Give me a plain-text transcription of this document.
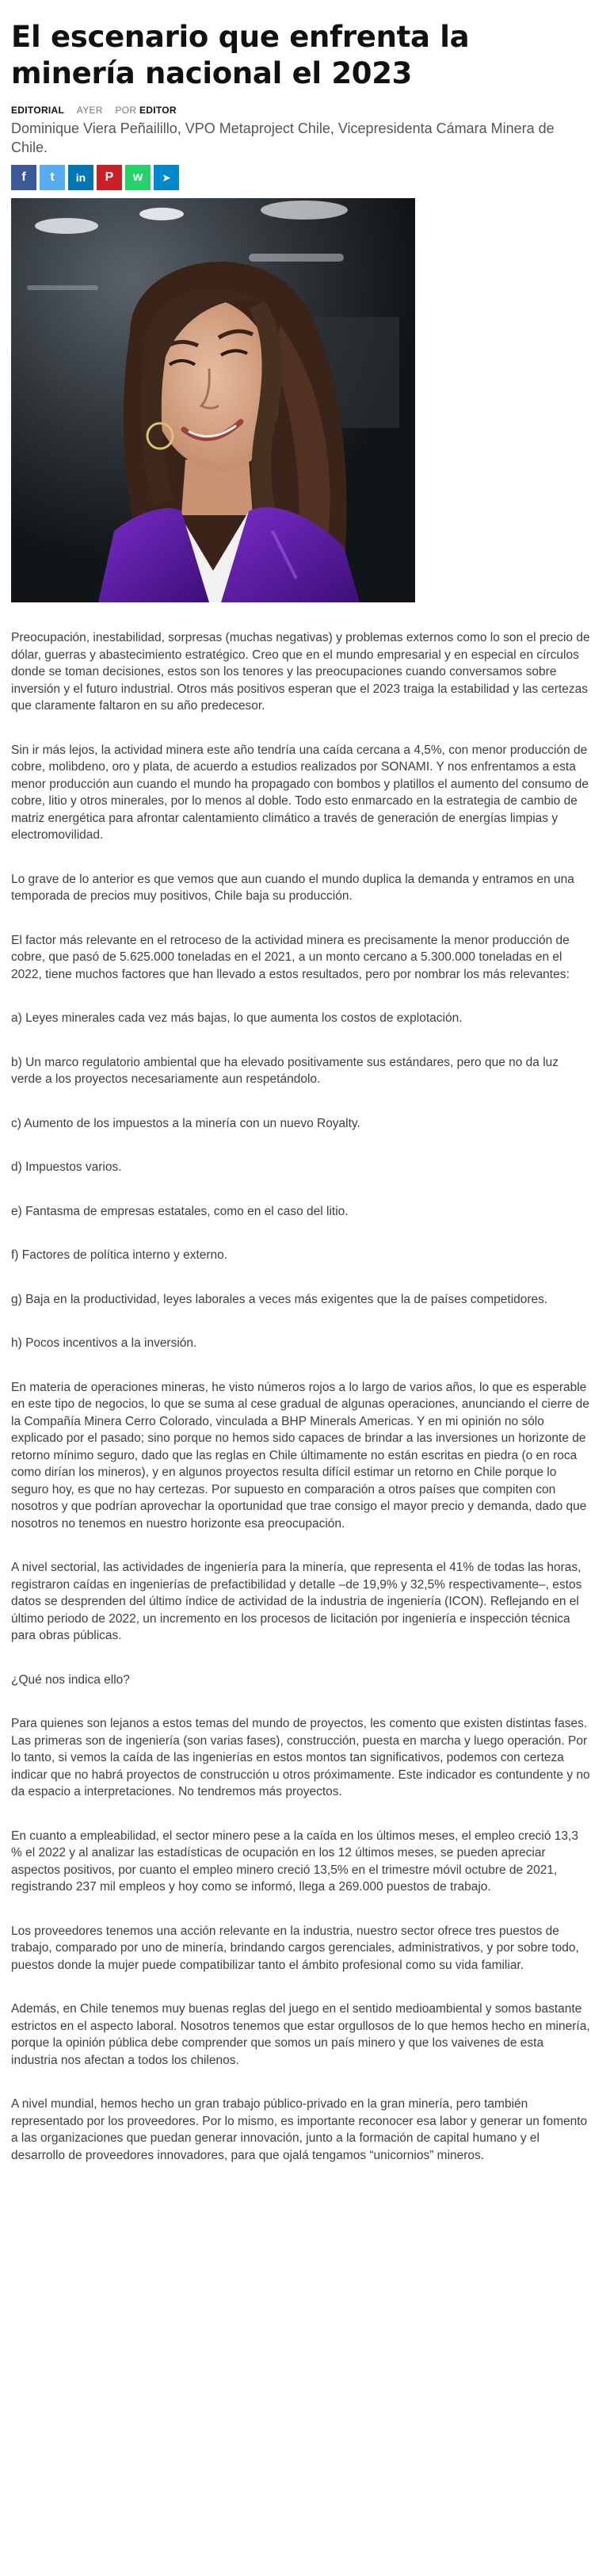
El escenario que enfrenta la minería nacional el 2023
EDITORIAL AYER POR EDITOR
Dominique Viera Peñailillo, VPO Metaproject Chile, Vicepresidenta Cámara Minera de Chile.
f	t	in	P	w	➤

Preocupación, inestabilidad, sorpresas (muchas negativas) y problemas externos como lo son el precio de dólar, guerras y abastecimiento estratégico. Creo que en el mundo empresarial y en especial en círculos donde se toman decisiones, estos son los tenores y las preocupaciones cuando conversamos sobre inversión y el futuro industrial. Otros más positivos esperan que el 2023 traiga la estabilidad y las certezas que claramente faltaron en su año predecesor.

Sin ir más lejos, la actividad minera este año tendría una caída cercana a 4,5%, con menor producción de cobre, molibdeno, oro y plata, de acuerdo a estudios realizados por SONAMI. Y nos enfrentamos a esta menor producción aun cuando el mundo ha propagado con bombos y platillos el aumento del consumo de cobre, litio y otros minerales, por lo menos al doble. Todo esto enmarcado en la estrategia de cambio de matriz energética para afrontar calentamiento climático a través de generación de energías limpias y electromovilidad.

Lo grave de lo anterior es que vemos que aun cuando el mundo duplica la demanda y entramos en una temporada de precios muy positivos, Chile baja su producción.

El factor más relevante en el retroceso de la actividad minera es precisamente la menor producción de cobre, que pasó de 5.625.000 toneladas en el 2021, a un monto cercano a 5.300.000 toneladas en el 2022, tiene muchos factores que han llevado a estos resultados, pero por nombrar los más relevantes:

a) Leyes minerales cada vez más bajas, lo que aumenta los costos de explotación.

b) Un marco regulatorio ambiental que ha elevado positivamente sus estándares, pero que no da luz verde a los proyectos necesariamente aun respetándolo.

c) Aumento de los impuestos a la minería con un nuevo Royalty.

d) Impuestos varios.

e) Fantasma de empresas estatales, como en el caso del litio.

f) Factores de política interno y externo.

g) Baja en la productividad, leyes laborales a veces más exigentes que la de países competidores.

h) Pocos incentivos a la inversión.

En materia de operaciones mineras, he visto números rojos a lo largo de varios años, lo que es esperable en este tipo de negocios, lo que se suma al cese gradual de algunas operaciones, anunciando el cierre de la Compañía Minera Cerro Colorado, vinculada a BHP Minerals Americas. Y en mi opinión no sólo explicado por el pasado; sino porque no hemos sido capaces de brindar a las inversiones un horizonte de retorno mínimo seguro, dado que las reglas en Chile últimamente no están escritas en piedra (o en roca como dirían los mineros), y en algunos proyectos resulta difícil estimar un retorno en Chile porque lo seguro hoy, es que no hay certezas. Por supuesto en comparación a otros países que compiten con nosotros y que podrían aprovechar la oportunidad que trae consigo el mayor precio y demanda, dado que nosotros no tenemos en nuestro horizonte esa preocupación.

A nivel sectorial, las actividades de ingeniería para la minería, que representa el 41% de todas las horas, registraron caídas en ingenierías de prefactibilidad y detalle –de 19,9% y 32,5% respectivamente–, estos datos se desprenden del último índice de actividad de la industria de ingeniería (ICON). Reflejando en el último periodo de 2022, un incremento en los procesos de licitación por ingeniería e inspección técnica para obras públicas.

¿Qué nos indica ello?

Para quienes son lejanos a estos temas del mundo de proyectos, les comento que existen distintas fases. Las primeras son de ingeniería (son varias fases), construcción, puesta en marcha y luego operación. Por lo tanto, si vemos la caída de las ingenierías en estos montos tan significativos, podemos con certeza indicar que no habrá proyectos de construcción u otros próximamente. Este indicador es contundente y no da espacio a interpretaciones. No tendremos más proyectos.

En cuanto a empleabilidad, el sector minero pese a la caída en los últimos meses, el empleo creció 13,3 % el 2022 y al analizar las estadísticas de ocupación en los 12 últimos meses, se pueden apreciar aspectos positivos, por cuanto el empleo minero creció 13,5% en el trimestre móvil octubre de 2021, registrando 237 mil empleos y hoy como se informó, llega a 269.000 puestos de trabajo.

Los proveedores tenemos una acción relevante en la industria, nuestro sector ofrece tres puestos de trabajo, comparado por uno de minería, brindando cargos gerenciales, administrativos, y por sobre todo, puestos donde la mujer puede compatibilizar tanto el ámbito profesional como su vida familiar.

Además, en Chile tenemos muy buenas reglas del juego en el sentido medioambiental y somos bastante estrictos en el aspecto laboral. Nosotros tenemos que estar orgullosos de lo que hemos hecho en minería, porque la opinión pública debe comprender que somos un país minero y que los vaivenes de esta industria nos afectan a todos los chilenos.

A nivel mundial, hemos hecho un gran trabajo público-privado en la gran minería, pero también representado por los proveedores. Por lo mismo, es importante reconocer esa labor y generar un fomento a las organizaciones que puedan generar innovación, junto a la formación de capital humano y el desarrollo de proveedores innovadores, para que ojalá tengamos “unicornios” mineros.
